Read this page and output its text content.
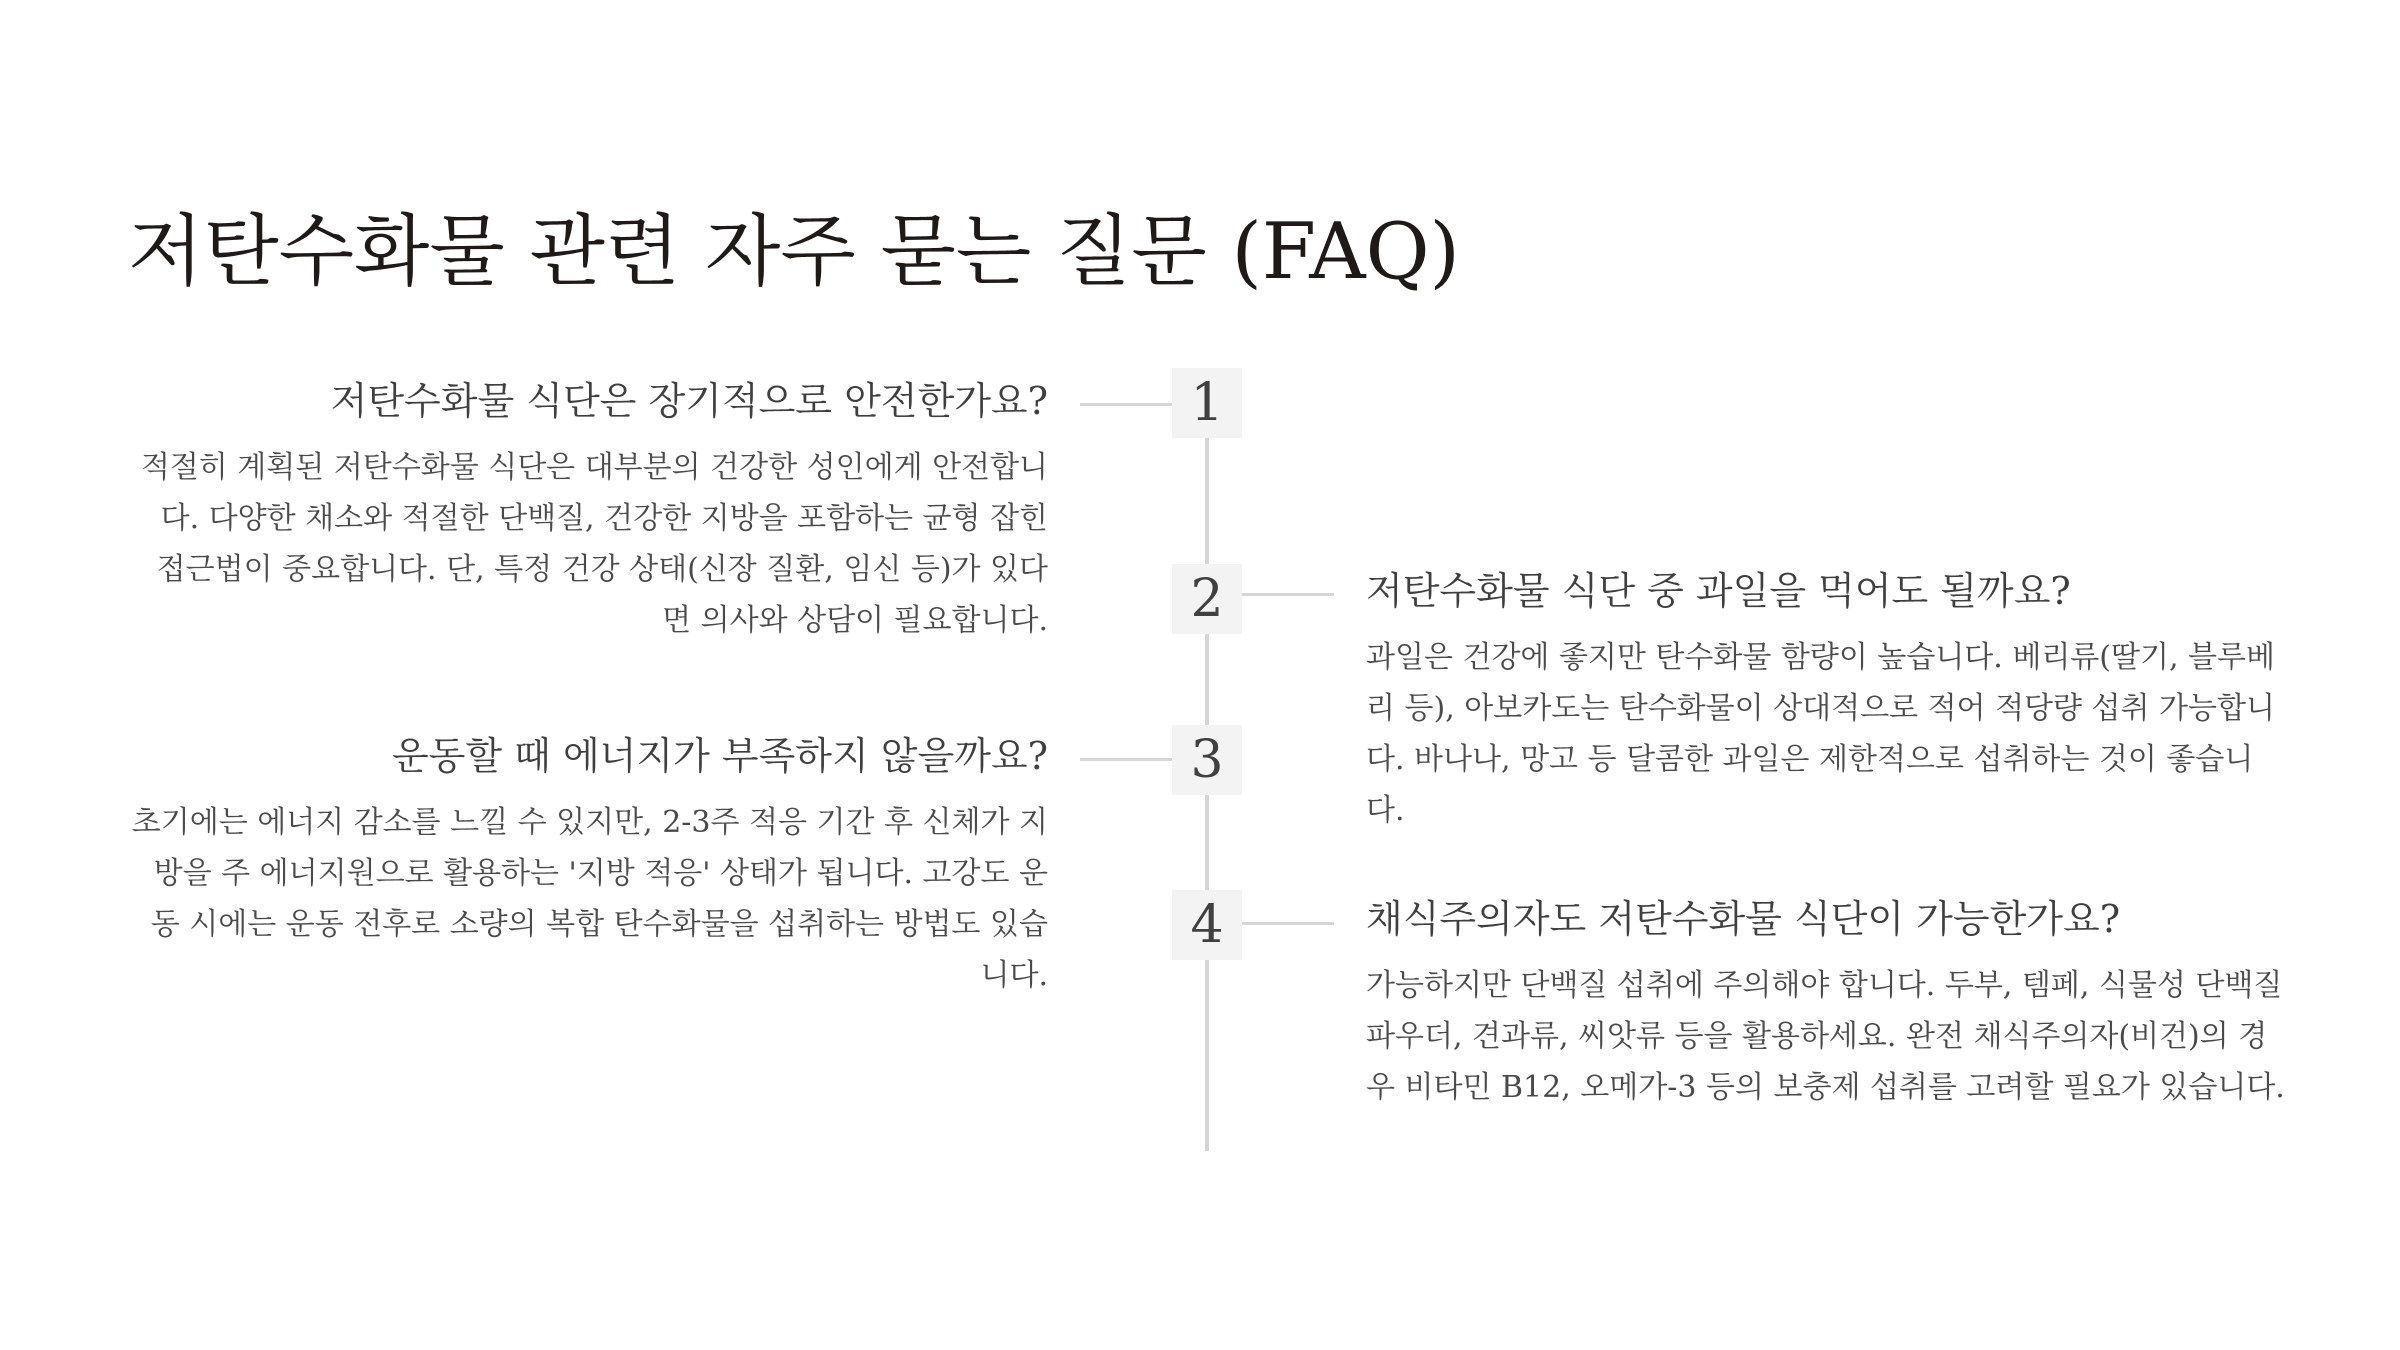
저탄수화물 관련 자주 묻는 질문 (FAQ)
1
저탄수화물 식단은 장기적으로 안전한가요?

적절히 계획된 저탄수화물 식단은 대부분의 건강한 성인에게 안전합니다. 다양한 채소와 적절한 단백질, 건강한 지방을 포함하는 균형 잡힌 접근법이 중요합니다. 단, 특정 건강 상태(신장 질환, 임신 등)가 있다면 의사와 상담이 필요합니다.	2	저탄수화물 식단 중 과일을 먹어도 될까요?

과일은 건강에 좋지만 탄수화물 함량이 높습니다. 베리류(딸기, 블루베리 등), 아보카도는 탄수화물이 상대적으로 적어 적당량 섭취 가능합니다. 바나나, 망고 등 달콤한 과일은 제한적으로 섭취하는 것이 좋습니다.

3
운동할 때 에너지가 부족하지 않을까요?

초기에는 에너지 감소를 느낄 수 있지만, 2-3주 적응 기간 후 신체가 지방을 주 에너지원으로 활용하는 '지방 적응' 상태가 됩니다. 고강도 운동 시에는 운동 전후로 소량의 복합 탄수화물을 섭취하는 방법도 있습니다.

4	채식주의자도 저탄수화물 식단이 가능한가요?

가능하지만 단백질 섭취에 주의해야 합니다. 두부, 템페, 식물성 단백질 파우더, 견과류, 씨앗류 등을 활용하세요. 완전 채식주의자(비건)의 경우 비타민 B12, 오메가-3 등의 보충제 섭취를 고려할 필요가 있습니다.
